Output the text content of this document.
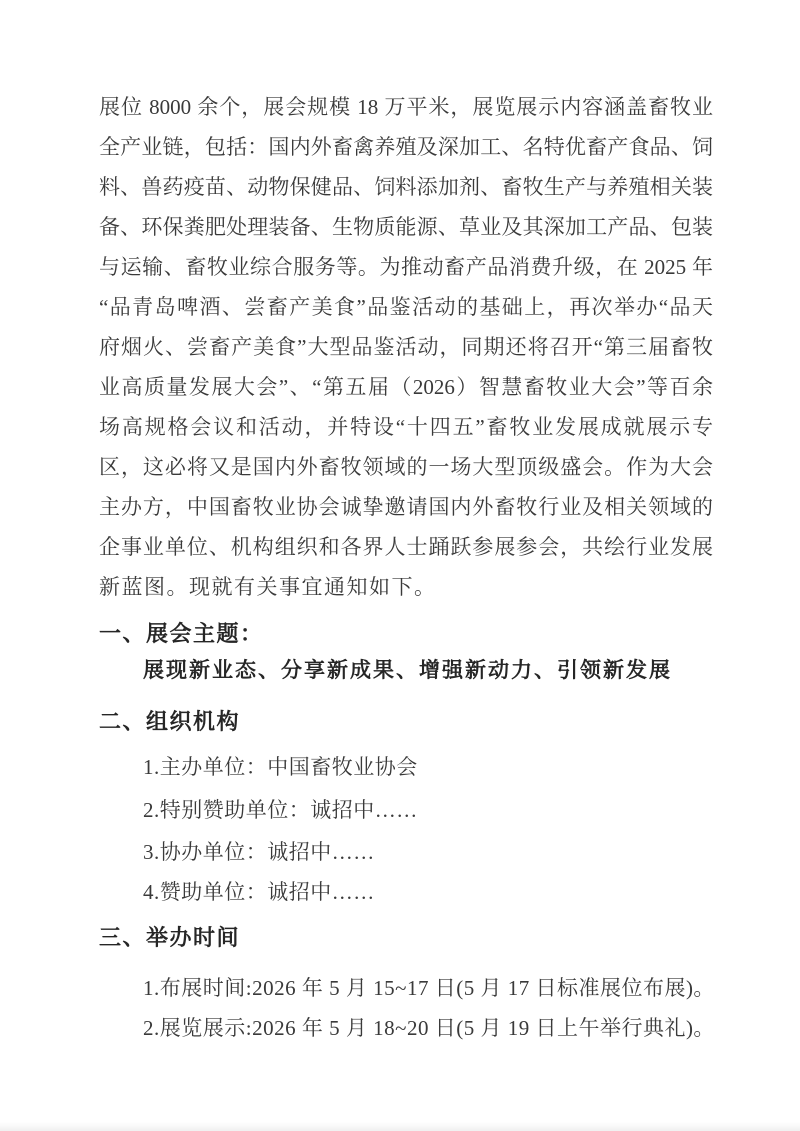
展位 8000 余个，展会规模 18 万平米，展览展示内容涵盖畜牧业
全产业链，包括：国内外畜禽养殖及深加工、名特优畜产食品、饲
料、兽药疫苗、动物保健品、饲料添加剂、畜牧生产与养殖相关装
备、环保粪肥处理装备、生物质能源、草业及其深加工产品、包装
与运输、畜牧业综合服务等。为推动畜产品消费升级，在 2025 年
“品青岛啤酒、尝畜产美食”品鉴活动的基础上，再次举办“品天
府烟火、尝畜产美食”大型品鉴活动，同期还将召开“第三届畜牧
业高质量发展大会”、“第五届（2026）智慧畜牧业大会”等百余
场高规格会议和活动，并特设“十四五”畜牧业发展成就展示专
区，这必将又是国内外畜牧领域的一场大型顶级盛会。作为大会
主办方，中国畜牧业协会诚挚邀请国内外畜牧行业及相关领域的
企事业单位、机构组织和各界人士踊跃参展参会，共绘行业发展
新蓝图。现就有关事宜通知如下。
一、展会主题：
展现新业态、分享新成果、增强新动力、引领新发展
二、组织机构
1.主办单位：中国畜牧业协会
2.特别赞助单位：诚招中……
3.协办单位：诚招中……
4.赞助单位：诚招中……
三、举办时间
1.布展时间:2026 年 5 月 15~17 日(5 月 17 日标准展位布展)。
2.展览展示:2026 年 5 月 18~20 日(5 月 19 日上午举行典礼)。
